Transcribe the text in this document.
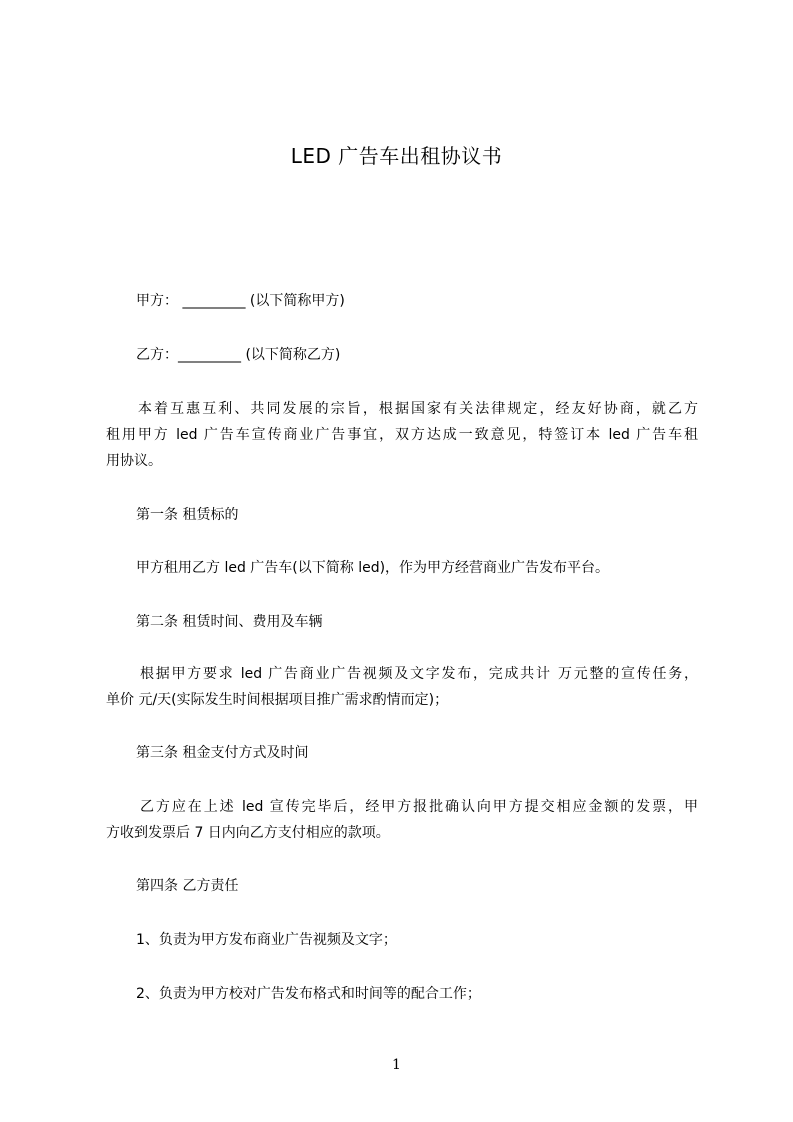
LED 广告车出租协议书
甲方： _________ (以下简称甲方)
乙方：_________ (以下简称乙方)
本着互惠互利、共同发展的宗旨，根据国家有关法律规定，经友好协商，就乙方
租用甲方 led 广告车宣传商业广告事宜，双方达成一致意见，特签订本 led 广告车租
用协议。
第一条 租赁标的
甲方租用乙方 led 广告车(以下简称 led)，作为甲方经营商业广告发布平台。
第二条 租赁时间、费用及车辆
根据甲方要求 led 广告商业广告视频及文字发布，完成共计 万元整的宣传任务，
单价 元/天(实际发生时间根据项目推广需求酌情而定)；
第三条 租金支付方式及时间
乙方应在上述 led 宣传完毕后，经甲方报批确认向甲方提交相应金额的发票，甲
方收到发票后 7 日内向乙方支付相应的款项。
第四条 乙方责任
1、负责为甲方发布商业广告视频及文字；
2、负责为甲方校对广告发布格式和时间等的配合工作；
1
